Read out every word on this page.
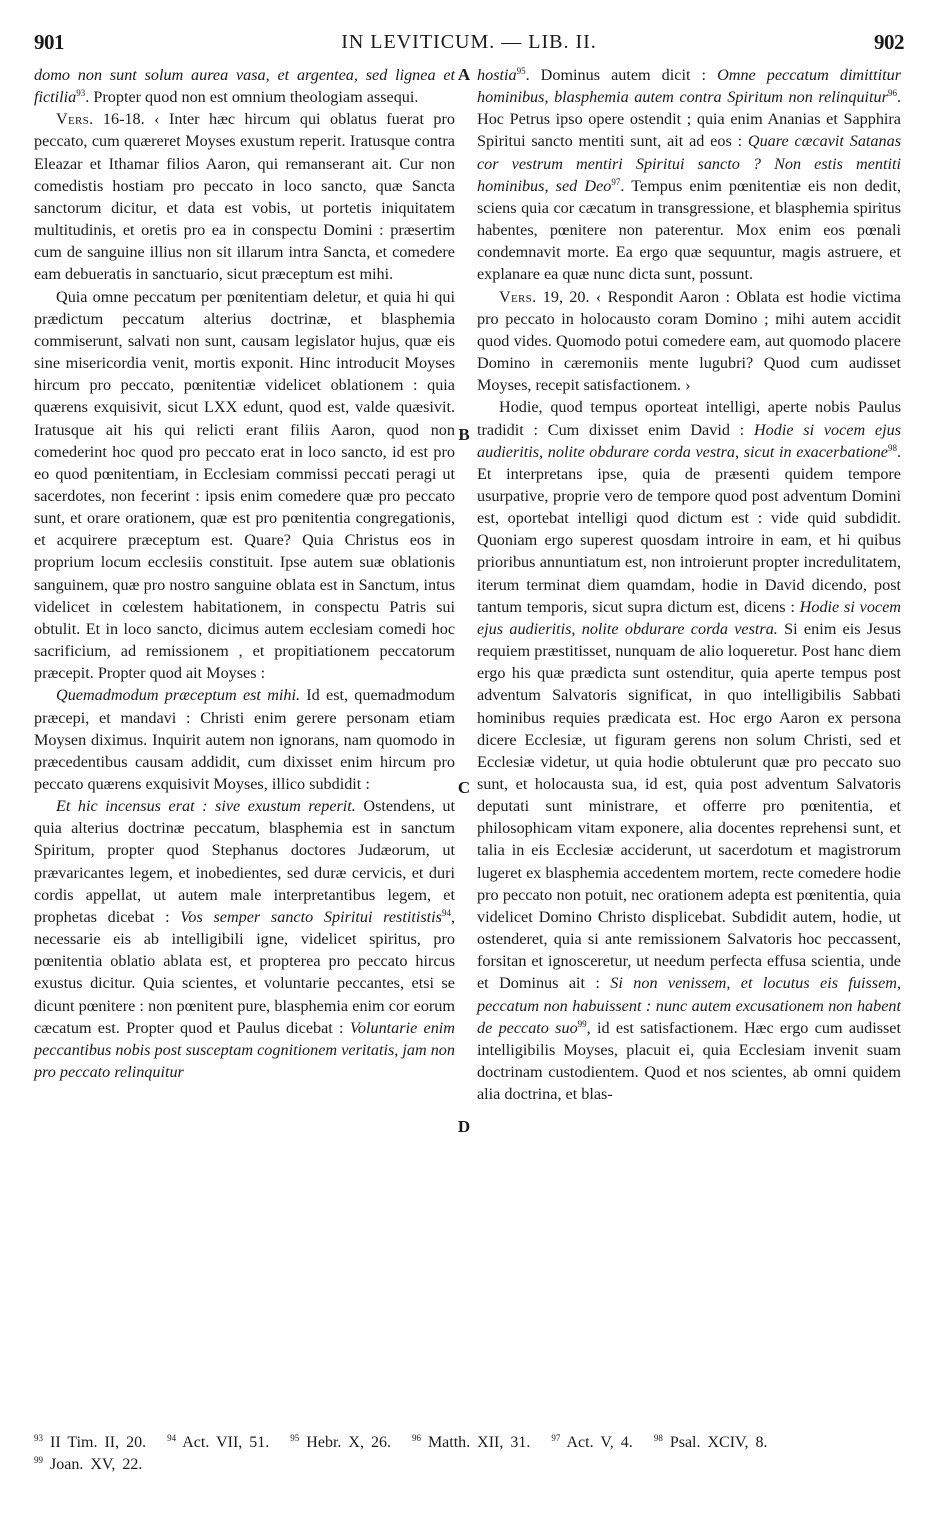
901	IN LEVITICUM. — LIB. II.	902
A
B
C
D

domo non sunt solum aurea vasa, et argentea, sed lignea et fictilia$^{93}$. Propter quod non est omnium theologiam assequi.

Vers. 16-18. ‹ Inter hæc hircum qui oblatus fuerat pro peccato, cum quæreret Moyses exustum reperit. Iratusque contra Eleazar et Ithamar filios Aaron, qui remanserant ait. Cur non comedistis hostiam pro peccato in loco sancto, quæ Sancta sanctorum dicitur, et data est vobis, ut portetis iniquitatem multitudinis, et oretis pro ea in conspectu Domini : præsertim cum de sanguine illius non sit illarum intra Sancta, et comedere eam debueratis in sanctuario, sicut præceptum est mihi.

Quia omne peccatum per pœnitentiam deletur, et quia hi qui prædictum peccatum alterius doctrinæ, et blasphemia commiserunt, salvati non sunt, causam legislator hujus, quæ eis sine misericordia venit, mortis exponit. Hinc introducit Moyses hircum pro peccato, pœnitentiæ videlicet oblationem : quia quærens exquisivit, sicut LXX edunt, quod est, valde quæsivit. Iratusque ait his qui relicti erant filiis Aaron, quod non comederint hoc quod pro peccato erat in loco sancto, id est pro eo quod pœnitentiam, in Ecclesiam commissi peccati peragi ut sacerdotes, non fecerint : ipsis enim comedere quæ pro peccato sunt, et orare orationem, quæ est pro pœnitentia congregationis, et acquirere præceptum est. Quare? Quia Christus eos in proprium locum ecclesiis constituit. Ipse autem suæ oblationis sanguinem, quæ pro nostro sanguine oblata est in Sanctum, intus videlicet in cœlestem habitationem, in conspectu Patris sui obtulit. Et in loco sancto, dicimus autem ecclesiam comedi hoc sacrificium, ad remissionem , et propitiationem peccatorum præcepit. Propter quod ait Moyses :

Quemadmodum præceptum est mihi. Id est, quemadmodum præcepi, et mandavi : Christi enim gerere personam etiam Moysen diximus. Inquirit autem non ignorans, nam quomodo in præcedentibus causam addidit, cum dixisset enim hircum pro peccato quærens exquisivit Moyses, illico subdidit :

Et hic incensus erat : sive exustum reperit. Ostendens, ut quia alterius doctrinæ peccatum, blasphemia est in sanctum Spiritum, propter quod Stephanus doctores Judæorum, ut prævaricantes legem, et inobedientes, sed duræ cervicis, et duri cordis appellat, ut autem male interpretantibus legem, et prophetas dicebat : Vos semper sancto Spiritui restitistis$^{94}$, necessarie eis ab intelligibili igne, videlicet spiritus, pro pœnitentia oblatio ablata est, et propterea pro peccato hircus exustus dicitur. Quia scientes, et voluntarie peccantes, etsi se dicunt pœnitere : non pœnitent pure, blasphemia enim cor eorum cæcatum est. Propter quod et Paulus dicebat : Voluntarie enim peccantibus nobis post susceptam cognitionem veritatis, jam non pro peccato relinquitur

hostia$^{95}$. Dominus autem dicit : Omne peccatum dimittitur hominibus, blasphemia autem contra Spiritum non relinquitur$^{96}$. Hoc Petrus ipso opere ostendit ; quia enim Ananias et Sapphira Spiritui sancto mentiti sunt, ait ad eos : Quare cæcavit Satanas cor vestrum mentiri Spiritui sancto ? Non estis mentiti hominibus, sed Deo$^{97}$. Tempus enim pœnitentiæ eis non dedit, sciens quia cor cæcatum in transgressione, et blasphemia spiritus habentes, pœnitere non paterentur. Mox enim eos pœnali condemnavit morte. Ea ergo quæ sequuntur, magis astruere, et explanare ea quæ nunc dicta sunt, possunt.

Vers. 19, 20. ‹ Respondit Aaron : Oblata est hodie victima pro peccato in holocausto coram Domino ; mihi autem accidit quod vides. Quomodo potui comedere eam, aut quomodo placere Domino in cæremoniis mente lugubri? Quod cum audisset Moyses, recepit satisfactionem. ›

Hodie, quod tempus oporteat intelligi, aperte nobis Paulus tradidit : Cum dixisset enim David : Hodie si vocem ejus audieritis, nolite obdurare corda vestra, sicut in exacerbatione$^{98}$. Et interpretans ipse, quia de præsenti quidem tempore usurpative, proprie vero de tempore quod post adventum Domini est, oportebat intelligi quod dictum est : vide quid subdidit. Quoniam ergo superest quosdam introire in eam, et hi quibus prioribus annuntiatum est, non introierunt propter incredulitatem, iterum terminat diem quamdam, hodie in David dicendo, post tantum temporis, sicut supra dictum est, dicens : Hodie si vocem ejus audieritis, nolite obdurare corda vestra. Si enim eis Jesus requiem præstitisset, nunquam de alio loqueretur. Post hanc diem ergo his quæ prædicta sunt ostenditur, quia aperte tempus post adventum Salvatoris significat, in quo intelligibilis Sabbati hominibus requies prædicata est. Hoc ergo Aaron ex persona dicere Ecclesiæ, ut figuram gerens non solum Christi, sed et Ecclesiæ videtur, ut quia hodie obtulerunt quæ pro peccato suo sunt, et holocausta sua, id est, quia post adventum Salvatoris deputati sunt ministrare, et offerre pro pœnitentia, et philosophicam vitam exponere, alia docentes reprehensi sunt, et talia in eis Ecclesiæ acciderunt, ut sacerdotum et magistrorum lugeret ex blasphemia accedentem mortem, recte comedere hodie pro peccato non potuit, nec orationem adepta est pœnitentia, quia videlicet Domino Christo displicebat. Subdidit autem, hodie, ut ostenderet, quia si ante remissionem Salvatoris hoc peccassent, forsitan et ignosceretur, ut needum perfecta effusa scientia, unde et Dominus ait : Si non venissem, et locutus eis fuissem, peccatum non habuissent : nunc autem excusationem non habent de peccato suo$^{99}$, id est satisfactionem. Hæc ergo cum audisset intelligibilis Moyses, placuit ei, quia Ecclesiam invenit suam doctrinam custodientem. Quod et nos scientes, ab omni quidem alia doctrina, et blas-

$^{93}$ II Tim. II, 20. $^{94}$ Act. VII, 51. $^{95}$ Hebr. X, 26. $^{96}$ Matth. XII, 31. $^{97}$ Act. V, 4. $^{98}$ Psal. XCIV, 8.
$^{99}$ Joan. XV, 22.
